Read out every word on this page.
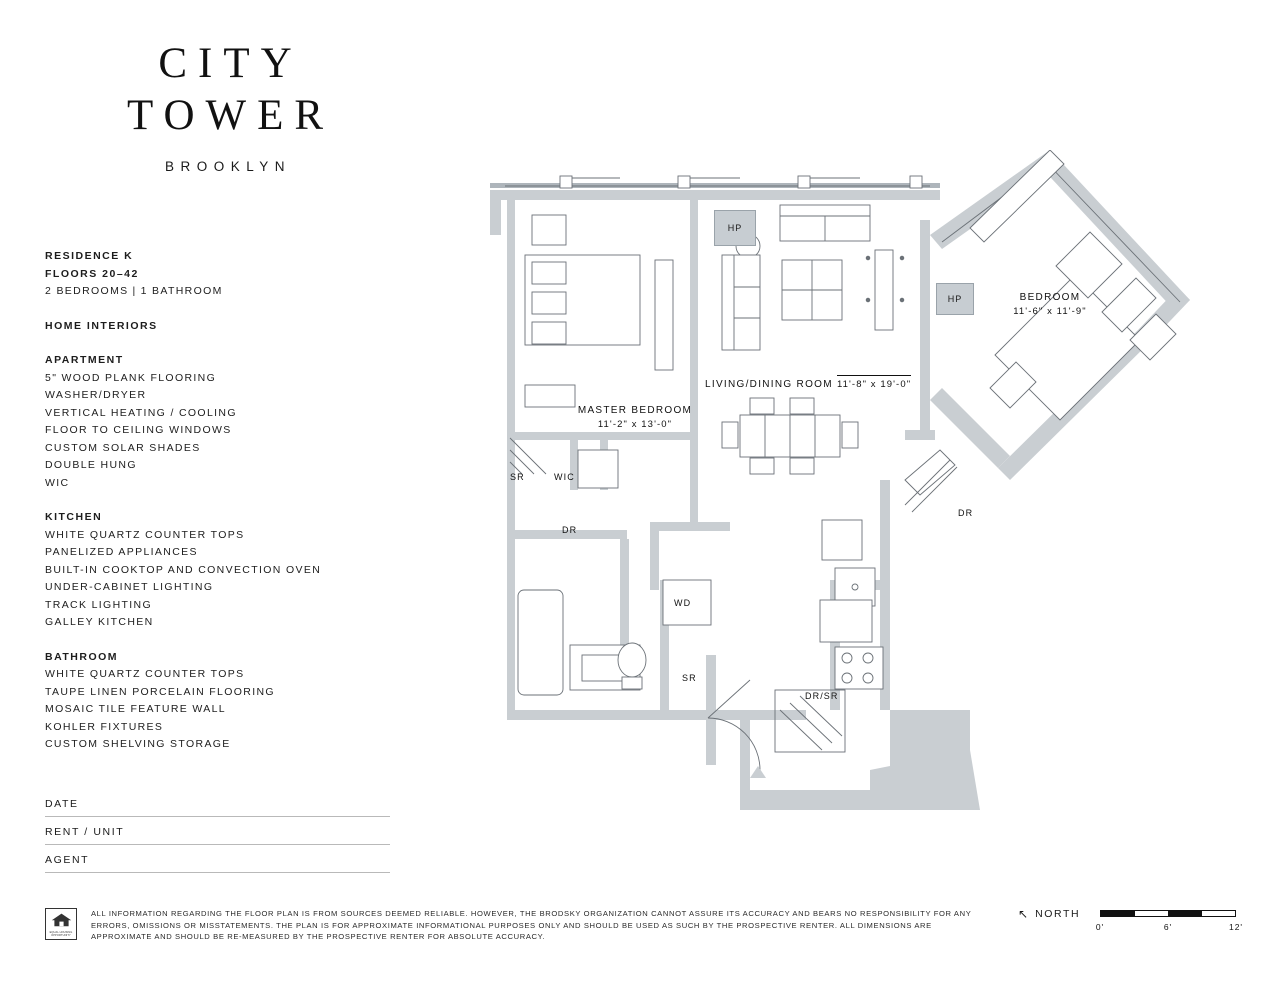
CITY
TOWER
BROOKLYN
RESIDENCE K
FLOORS 20–42
2 BEDROOMS | 1 BATHROOM
HOME INTERIORS
APARTMENT
5" WOOD PLANK FLOORING
WASHER/DRYER
VERTICAL HEATING / COOLING
FLOOR TO CEILING WINDOWS
CUSTOM SOLAR SHADES
DOUBLE HUNG
WIC
KITCHEN
WHITE QUARTZ COUNTER TOPS
PANELIZED APPLIANCES
BUILT-IN COOKTOP AND CONVECTION OVEN
UNDER-CABINET LIGHTING
TRACK LIGHTING
GALLEY KITCHEN
BATHROOM
WHITE QUARTZ COUNTER TOPS
TAUPE LINEN PORCELAIN FLOORING
MOSAIC TILE FEATURE WALL
KOHLER FIXTURES
CUSTOM SHELVING STORAGE
DATE
RENT / UNIT
AGENT
EQUAL HOUSING OPPORTUNITY
ALL INFORMATION REGARDING THE FLOOR PLAN IS FROM SOURCES DEEMED RELIABLE. HOWEVER, THE BRODSKY ORGANIZATION CANNOT ASSURE ITS ACCURACY AND BEARS NO RESPONSIBILITY FOR ANY ERRORS, OMISSIONS OR MISSTATEMENTS. THE PLAN IS FOR APPROXIMATE INFORMATIONAL PURPOSES ONLY AND SHOULD BE USED AS SUCH BY THE PROSPECTIVE RENTER. ALL DIMENSIONS ARE APPROXIMATE AND SHOULD BE RE-MEASURED BY THE PROSPECTIVE RENTER FOR ABSOLUTE ACCURACY.
↖ NORTH
0'	6'	12'
MASTER BEDROOM
11'-2" x 13'-0"
LIVING/DINING ROOM 11'-8" x 19'-0"
BEDROOM
11'-6" x 11'-9"
HP
HP
SR	WIC
DR
WD
SR
DR/SR
DR
